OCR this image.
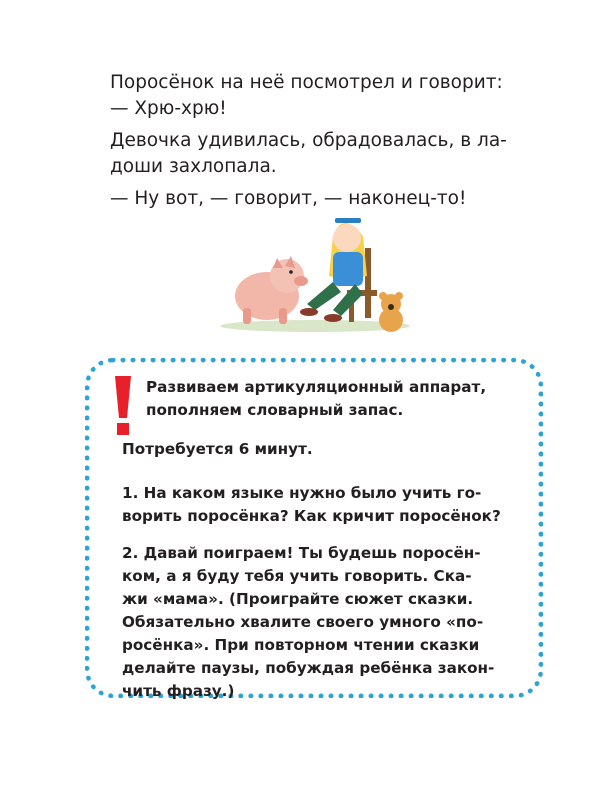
Поросёнок на неё посмотрел и говорит:

— Хрю-хрю!

Девочка удивилась, обрадовалась, в ла-

доши захлопала.

— Ну вот, — говорит, — наконец-то!

Развиваем артикуляционный аппарат,

пополняем словарный запас.

Потребуется 6 минут.

1. На каком языке нужно было учить го-

ворить поросёнка? Как кричит поросёнок?

2. Давай поиграем! Ты будешь поросён-

ком, а я буду тебя учить говорить. Ска-

жи «мама». (Проиграйте сюжет сказки.

Обязательно хвалите своего умного «по-

росёнка». При повторном чтении сказки

делайте паузы, побуждая ребёнка закон-

чить фразу.)
